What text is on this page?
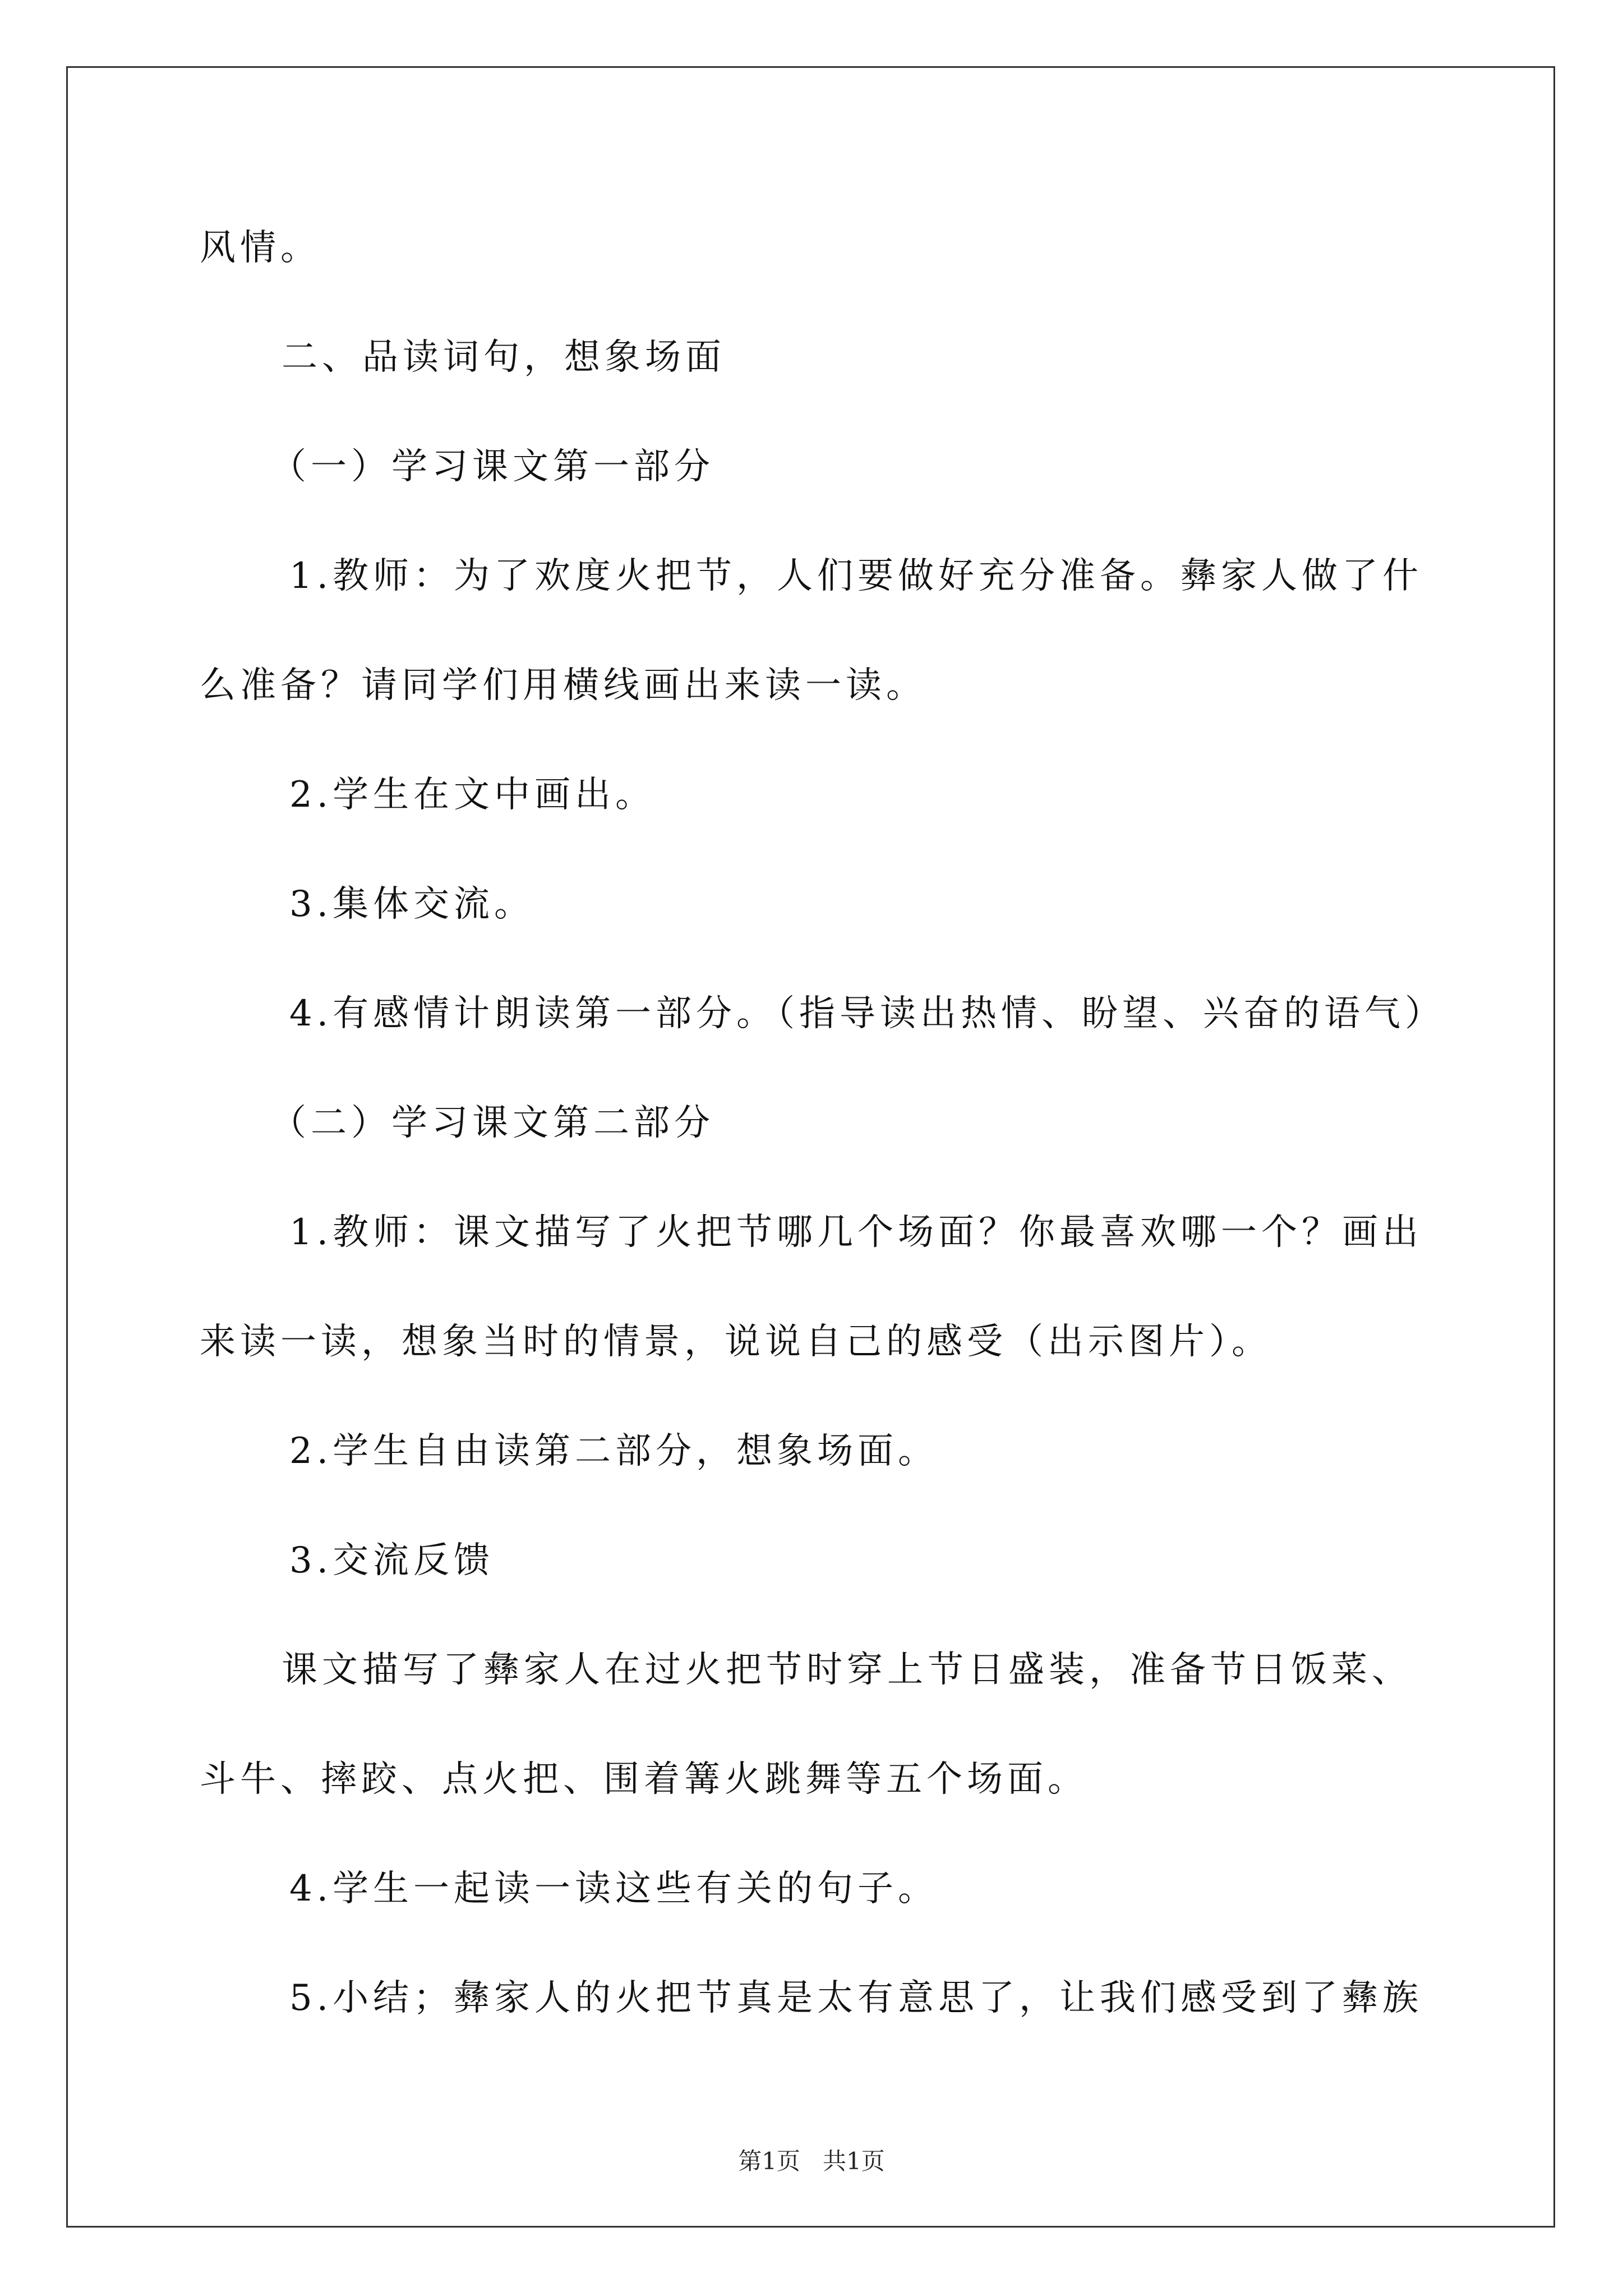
风情。
二、品读词句，想象场面
（一）学习课文第一部分
1.教师：为了欢度火把节，人们要做好充分准备。彝家人做了什
么准备？请同学们用横线画出来读一读。
2.学生在文中画出。
3.集体交流。
4.有感情计朗读第一部分。（指导读出热情、盼望、兴奋的语气）
（二）学习课文第二部分
1.教师：课文描写了火把节哪几个场面？你最喜欢哪一个？画出
来读一读，想象当时的情景，说说自己的感受（出示图片）。
2.学生自由读第二部分，想象场面。
3.交流反馈
课文描写了彝家人在过火把节时穿上节日盛装，准备节日饭菜、
斗牛、摔跤、点火把、围着篝火跳舞等五个场面。
4.学生一起读一读这些有关的句子。
5.小结；彝家人的火把节真是太有意思了，让我们感受到了彝族
第1页   共1页
